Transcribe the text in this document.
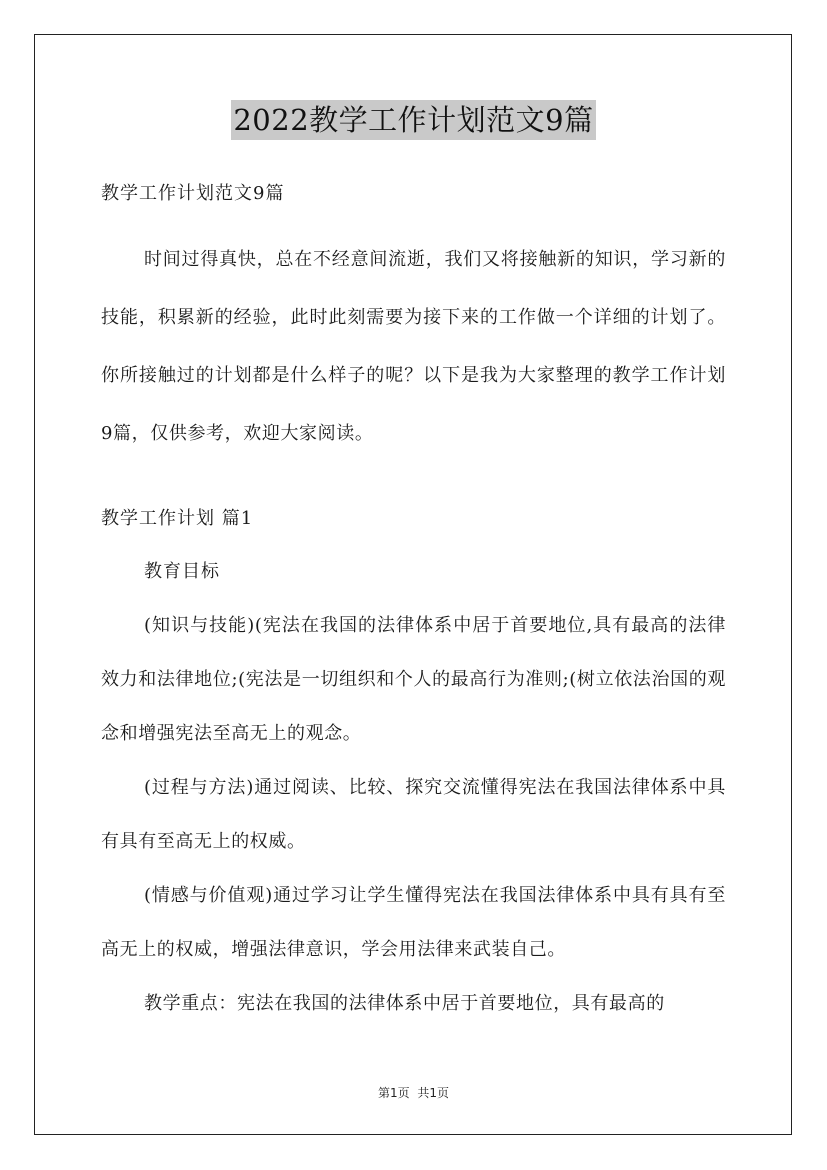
2022教学工作计划范文9篇
教学工作计划范文9篇

时间过得真快，总在不经意间流逝，我们又将接触新的知识，学习新的技能，积累新的经验，此时此刻需要为接下来的工作做一个详细的计划了。你所接触过的计划都是什么样子的呢？以下是我为大家整理的教学工作计划9篇，仅供参考，欢迎大家阅读。

教学工作计划 篇1
教育目标

(知识与技能)(宪法在我国的法律体系中居于首要地位,具有最高的法律效力和法律地位;(宪法是一切组织和个人的最高行为准则;(树立依法治国的观念和增强宪法至高无上的观念。

(过程与方法)通过阅读、比较、探究交流懂得宪法在我国法律体系中具有具有至高无上的权威。

(情感与价值观)通过学习让学生懂得宪法在我国法律体系中具有具有至高无上的权威，增强法律意识，学会用法律来武装自己。

教学重点：宪法在我国的法律体系中居于首要地位，具有最高的

第1页 共1页
